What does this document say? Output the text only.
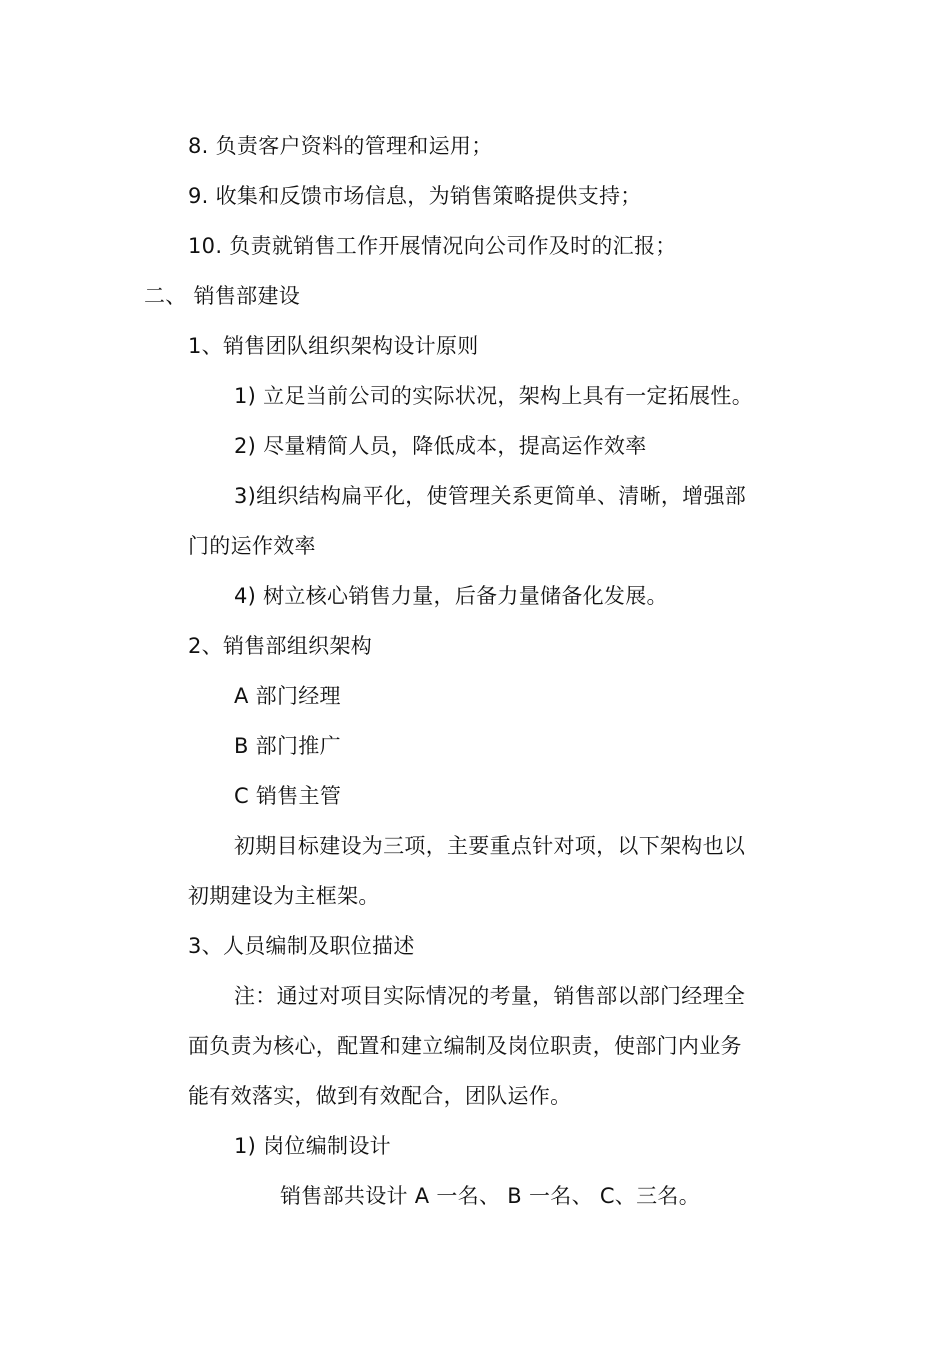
8. 负责客户资料的管理和运用；

9. 收集和反馈市场信息，为销售策略提供支持；

10. 负责就销售工作开展情况向公司作及时的汇报；

二、 销售部建设

1、销售团队组织架构设计原则

1) 立足当前公司的实际状况，架构上具有一定拓展性。

2) 尽量精简人员，降低成本，提高运作效率

3)组织结构扁平化，使管理关系更简单、清晰，增强部

门的运作效率

4) 树立核心销售力量，后备力量储备化发展。

2、销售部组织架构

A 部门经理

B 部门推广

C 销售主管

初期目标建设为三项，主要重点针对项，以下架构也以

初期建设为主框架。

3、人员编制及职位描述

注：通过对项目实际情况的考量，销售部以部门经理全

面负责为核心，配置和建立编制及岗位职责，使部门内业务

能有效落实，做到有效配合，团队运作。

1) 岗位编制设计

销售部共设计 A 一名、 B 一名、 C、三名。
